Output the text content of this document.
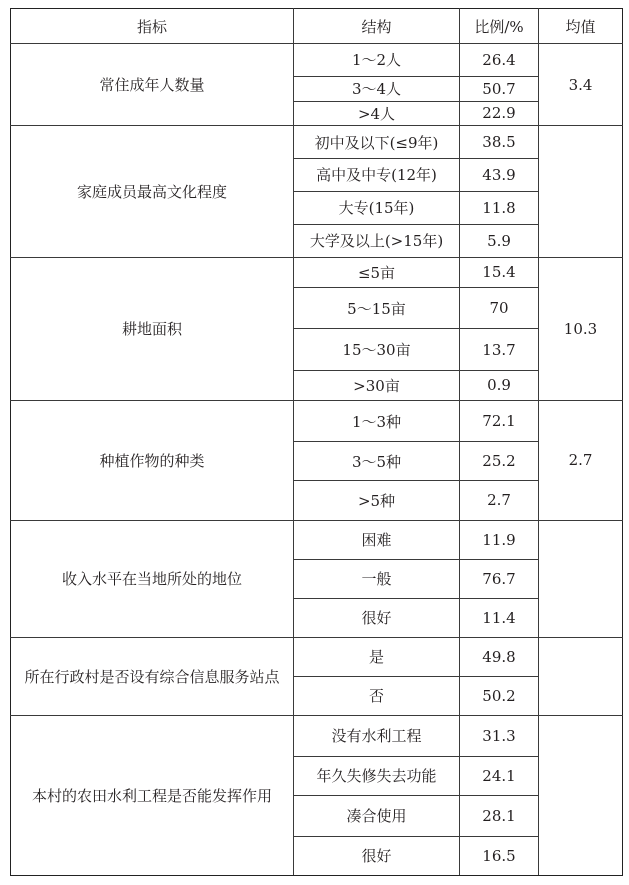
指标	结构	比例/%	均值
常住成年人数量	1～2人	26.4	3.4
	3～4人	50.7	
	>4人	22.9	
家庭成员最高文化程度	初中及以下(≤9年)	38.5	
	高中及中专(12年)	43.9	
	大专(15年)	11.8	
	大学及以上(>15年)	5.9	
耕地面积	≤5亩	15.4	10.3
	5～15亩	70	
	15～30亩	13.7	
	>30亩	0.9	
种植作物的种类	1～3种	72.1	2.7
	3～5种	25.2	
	>5种	2.7	
收入水平在当地所处的地位	困难	11.9	
	一般	76.7	
	很好	11.4	
所在行政村是否设有综合信息服务站点	是	49.8	
	否	50.2	
本村的农田水利工程是否能发挥作用	没有水利工程	31.3	
	年久失修失去功能	24.1	
	凑合使用	28.1	
	很好	16.5	
